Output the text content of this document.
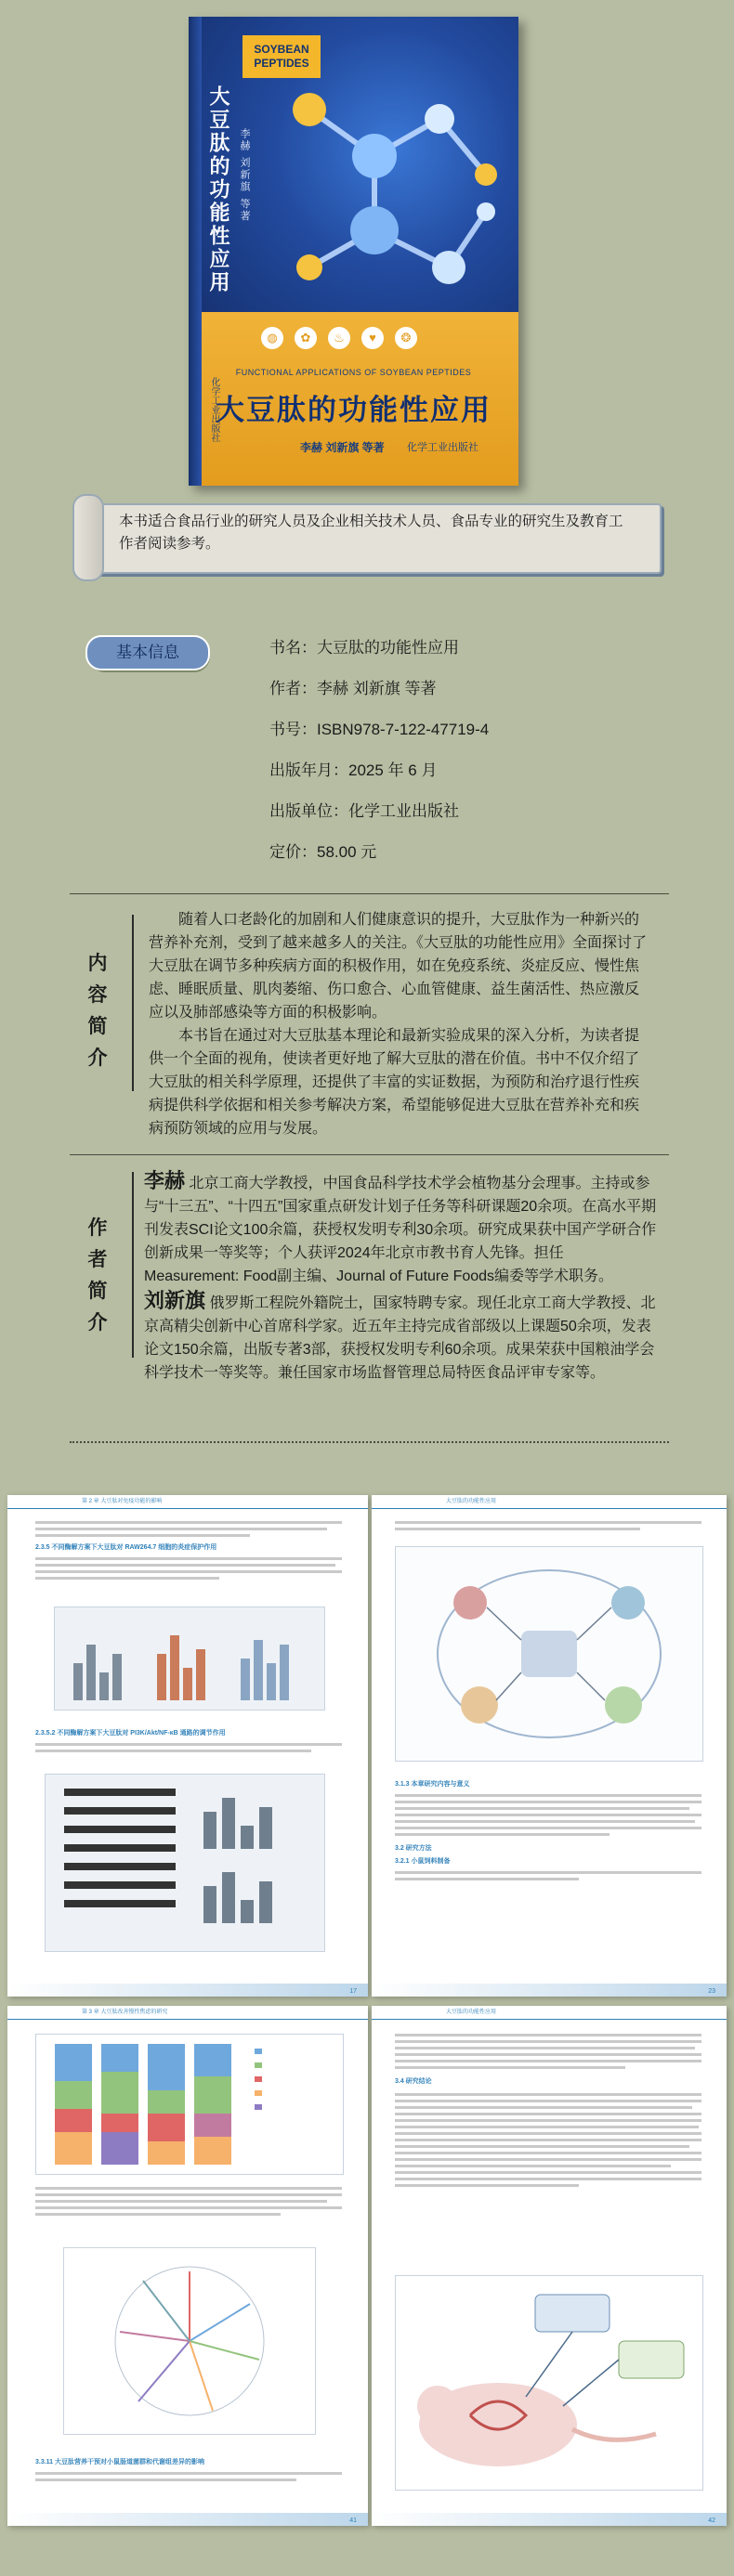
SOYBEAN PEPTIDES
大豆肽的功能性应用 李赫 刘新旗 等著
◍ ✿ ♨ ♥ ❂
FUNCTIONAL APPLICATIONS OF SOYBEAN PEPTIDES
大豆肽的功能性应用
李赫 刘新旗 等著 化学工业出版社
化学工业出版社
本书适合食品行业的研究人员及企业相关技术人员、食品专业的研究生及教育工作者阅读参考。
基本信息	书名：大豆肽的功能性应用
作者：李赫 刘新旗 等著
书号：ISBN978-7-122-47719-4
出版年月：2025 年 6 月
出版单位：化学工业出版社
定价：58.00 元
内
容
简
介

随着人口老龄化的加剧和人们健康意识的提升，大豆肽作为一种新兴的营养补充剂，受到了越来越多人的关注。《大豆肽的功能性应用》全面探讨了大豆肽在调节多种疾病方面的积极作用，如在免疫系统、炎症反应、慢性焦虑、睡眠质量、肌肉萎缩、伤口愈合、心血管健康、益生菌活性、热应激反应以及肺部感染等方面的积极影响。

本书旨在通过对大豆肽基本理论和最新实验成果的深入分析，为读者提供一个全面的视角，使读者更好地了解大豆肽的潜在价值。书中不仅介绍了大豆肽的相关科学原理，还提供了丰富的实证数据，为预防和治疗退行性疾病提供科学依据和相关参考解决方案，希望能够促进大豆肽在营养补充和疾病预防领域的应用与发展。

作
者
简
介
李赫 北京工商大学教授，中国食品科学技术学会植物基分会理事。主持或参与“十三五”、“十四五”国家重点研发计划子任务等科研课题20余项。在高水平期刊发表SCI论文100余篇，获授权发明专利30余项。研究成果获中国产学研合作创新成果一等奖等；个人获评2024年北京市教书育人先锋。担任Measurement: Food副主编、Journal of Future Foods编委等学术职务。
刘新旗 俄罗斯工程院外籍院士，国家特聘专家。现任北京工商大学教授、北京高精尖创新中心首席科学家。近五年主持完成省部级以上课题50余项，发表论文150余篇，出版专著3部，获授权发明专利60余项。成果荣获中国粮油学会科学技术一等奖等。兼任国家市场监督管理总局特医食品评审专家等。
第 2 章 大豆肽对免疫功能的影响
2.3.5 不同酶解方案下大豆肽对 RAW264.7 细胞的炎症保护作用
2.3.5.2 不同酶解方案下大豆肽对 PI3K/Akt/NF-κB 通路的调节作用
17
大豆肽的功能性应用
3.1.3 本章研究内容与意义
3.2 研究方法
3.2.1 小鼠饲料制备
23
第 3 章 大豆肽改善慢性焦虑的研究
3.3.11 大豆肽营养干预对小鼠肠道菌群和代谢组差异的影响
41
大豆肽的功能性应用
3.4 研究结论
42
